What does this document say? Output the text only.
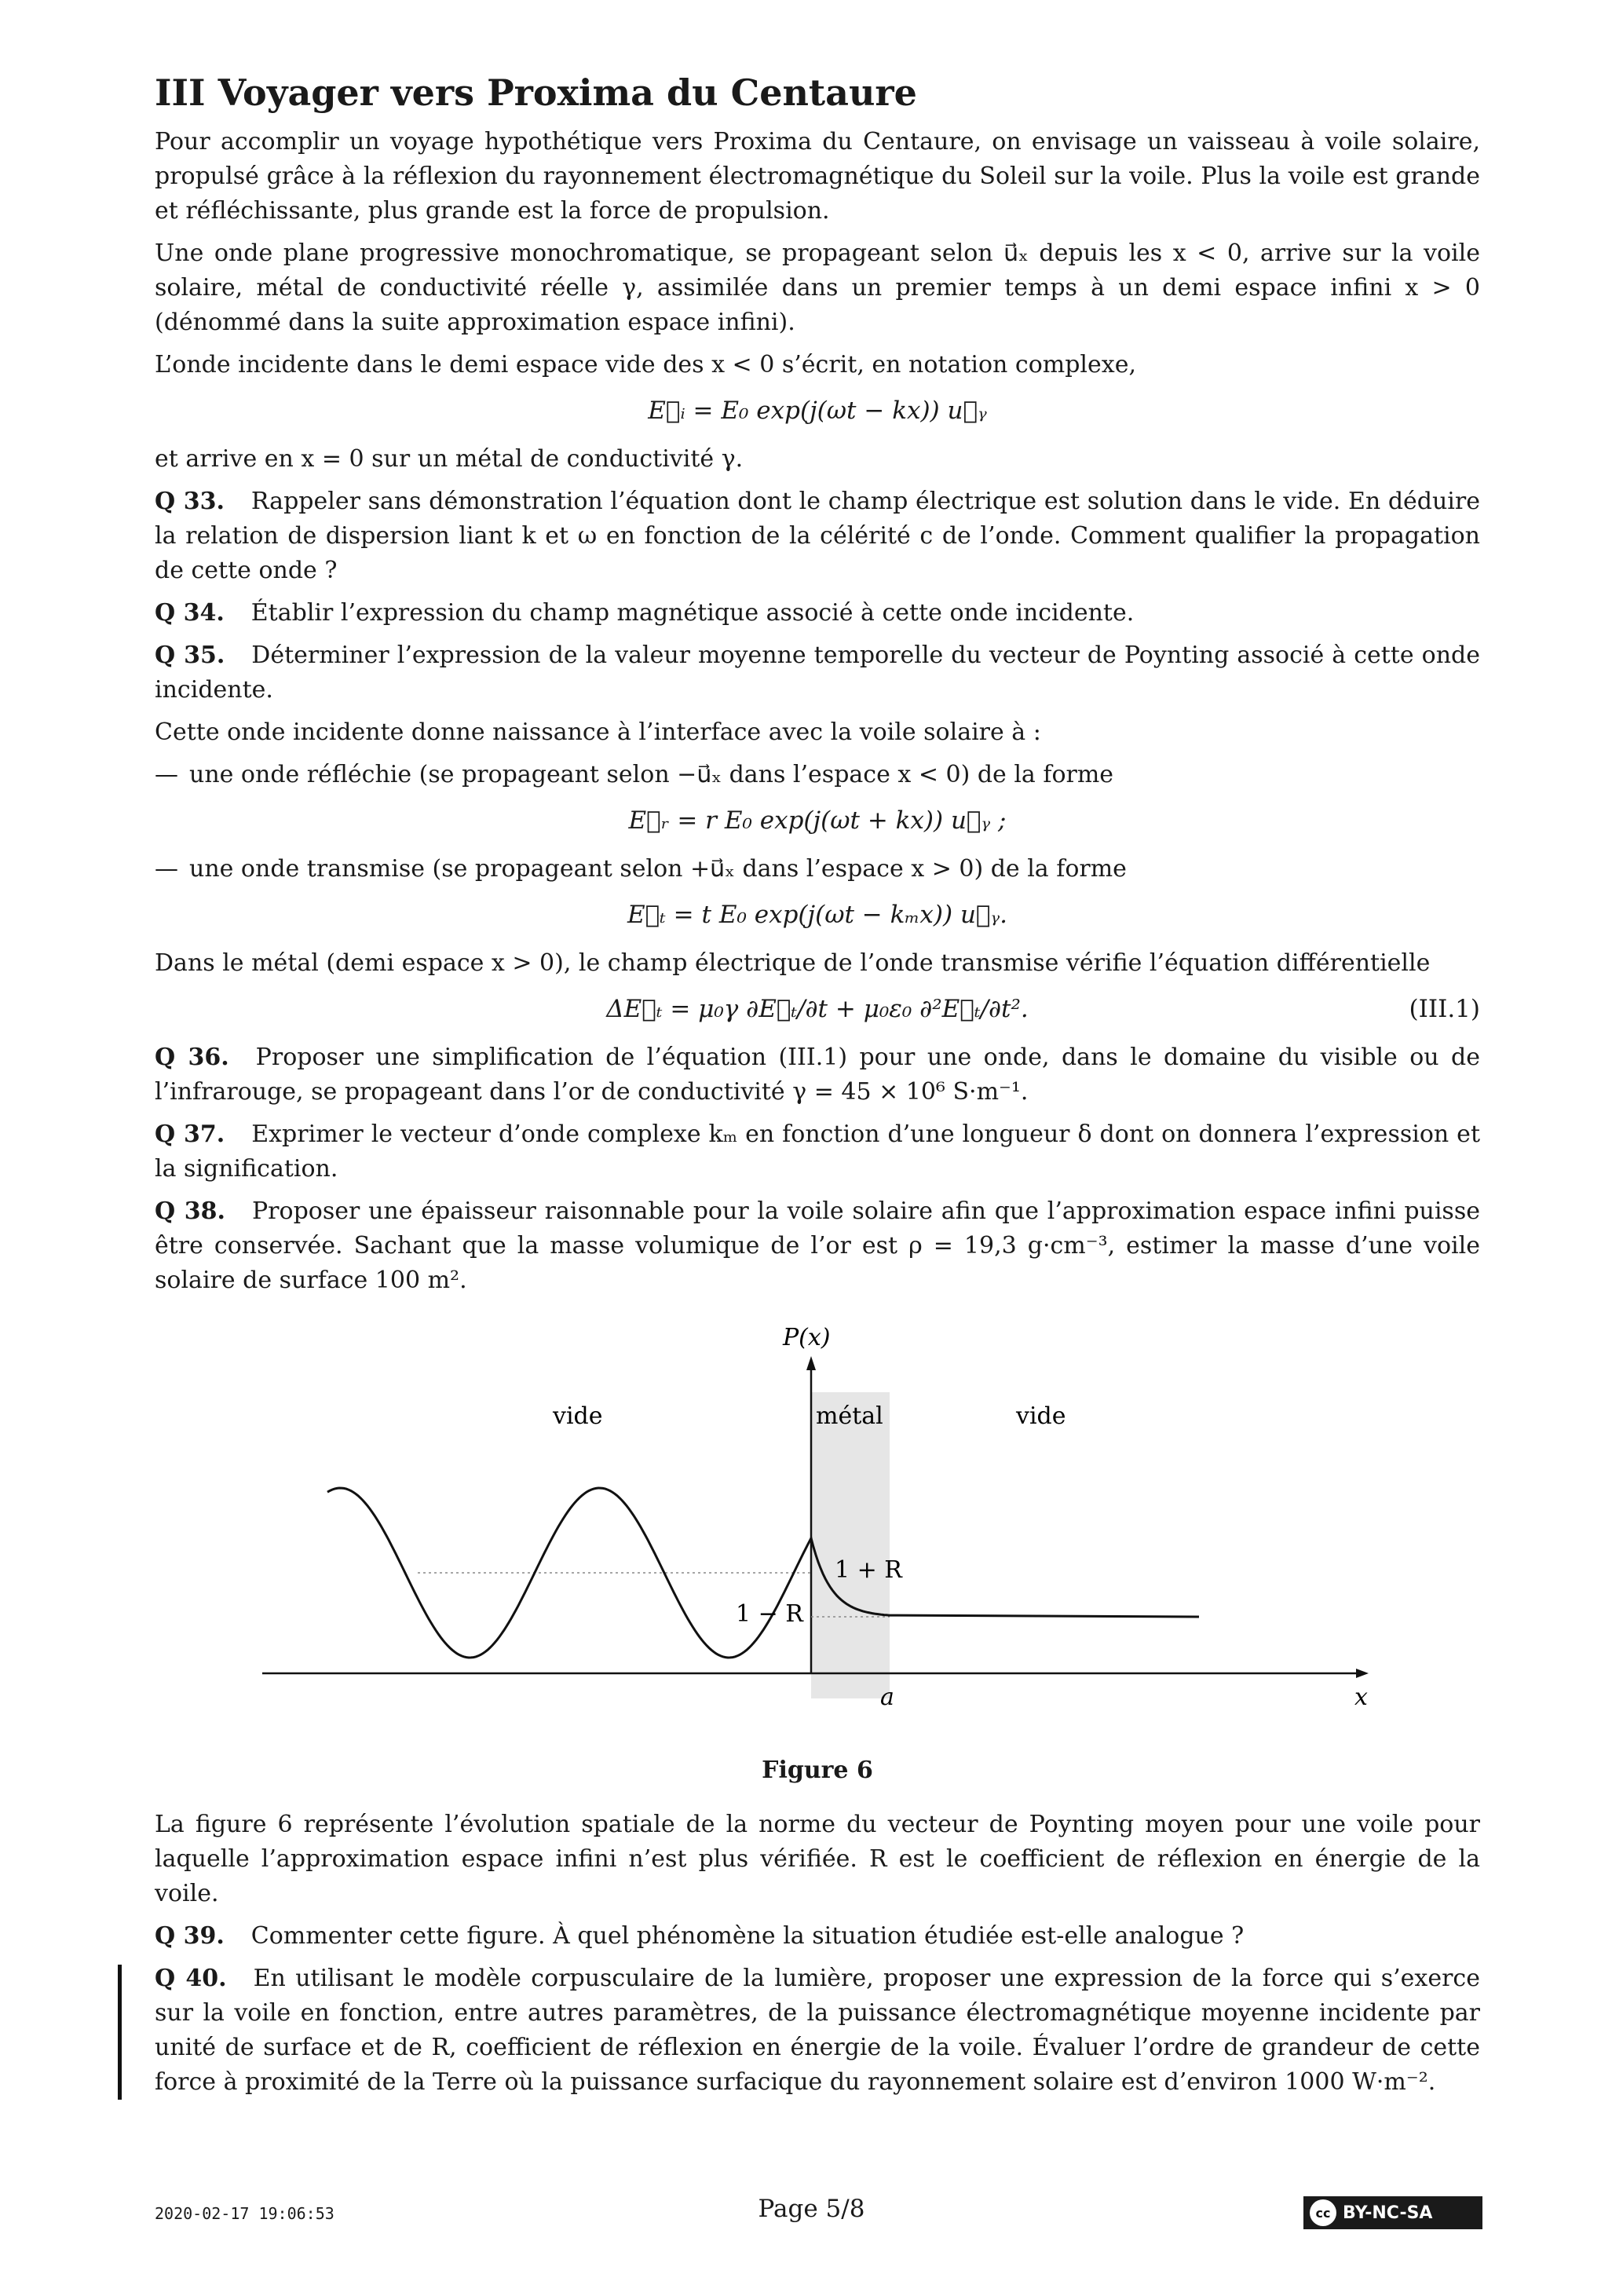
III Voyager vers Proxima du Centaure

Pour accomplir un voyage hypothétique vers Proxima du Centaure, on envisage un vaisseau à voile solaire, propulsé grâce à la réflexion du rayonnement électromagnétique du Soleil sur la voile. Plus la voile est grande et réfléchissante, plus grande est la force de propulsion.

Une onde plane progressive monochromatique, se propageant selon u⃗ₓ depuis les x < 0, arrive sur la voile solaire, métal de conductivité réelle γ, assimilée dans un premier temps à un demi espace infini x > 0 (dénommé dans la suite approximation espace infini).

L’onde incidente dans le demi espace vide des x < 0 s’écrit, en notation complexe,

E⃗ᵢ = E₀ exp(j(ωt − kx)) u⃗ᵧ

et arrive en x = 0 sur un métal de conductivité γ.

Q 33. Rappeler sans démonstration l’équation dont le champ électrique est solution dans le vide. En déduire la relation de dispersion liant k et ω en fonction de la célérité c de l’onde. Comment qualifier la propagation de cette onde ?
Q 34. Établir l’expression du champ magnétique associé à cette onde incidente.
Q 35. Déterminer l’expression de la valeur moyenne temporelle du vecteur de Poynting associé à cette onde incidente.

Cette onde incidente donne naissance à l’interface avec la voile solaire à :

— une onde réfléchie (se propageant selon −u⃗ₓ dans l’espace x < 0) de la forme

E⃗ᵣ = r E₀ exp(j(ωt + kx)) u⃗ᵧ ;

— une onde transmise (se propageant selon +u⃗ₓ dans l’espace x > 0) de la forme

E⃗ₜ = t E₀ exp(j(ωt − kₘx)) u⃗ᵧ.

Dans le métal (demi espace x > 0), le champ électrique de l’onde transmise vérifie l’équation différentielle

ΔE⃗ₜ = μ₀γ ∂E⃗ₜ/∂t + μ₀ε₀ ∂²E⃗ₜ/∂t².	(III.1)
Q 36. Proposer une simplification de l’équation (III.1) pour une onde, dans le domaine du visible ou de l’infrarouge, se propageant dans l’or de conductivité γ = 45 × 10⁶ S·m⁻¹.
Q 37. Exprimer le vecteur d’onde complexe kₘ en fonction d’une longueur δ dont on donnera l’expression et la signification.
Q 38. Proposer une épaisseur raisonnable pour la voile solaire afin que l’approximation espace infini puisse être conservée. Sachant que la masse volumique de l’or est ρ = 19,3 g·cm⁻³, estimer la masse d’une voile solaire de surface 100 m².
P(x)
x
vide	métal	vide
1 + R
1 − R
a
Figure 6

La figure 6 représente l’évolution spatiale de la norme du vecteur de Poynting moyen pour une voile pour laquelle l’approximation espace infini n’est plus vérifiée. R est le coefficient de réflexion en énergie de la voile.

Q 39. Commenter cette figure. À quel phénomène la situation étudiée est-elle analogue ?
Q 40. En utilisant le modèle corpusculaire de la lumière, proposer une expression de la force qui s’exerce sur la voile en fonction, entre autres paramètres, de la puissance électromagnétique moyenne incidente par unité de surface et de R, coefficient de réflexion en énergie de la voile. Évaluer l’ordre de grandeur de cette force à proximité de la Terre où la puissance surfacique du rayonnement solaire est d’environ 1000 W·m⁻².
2020-02-17 19:06:53	Page 5/8	cc BY-NC-SA
